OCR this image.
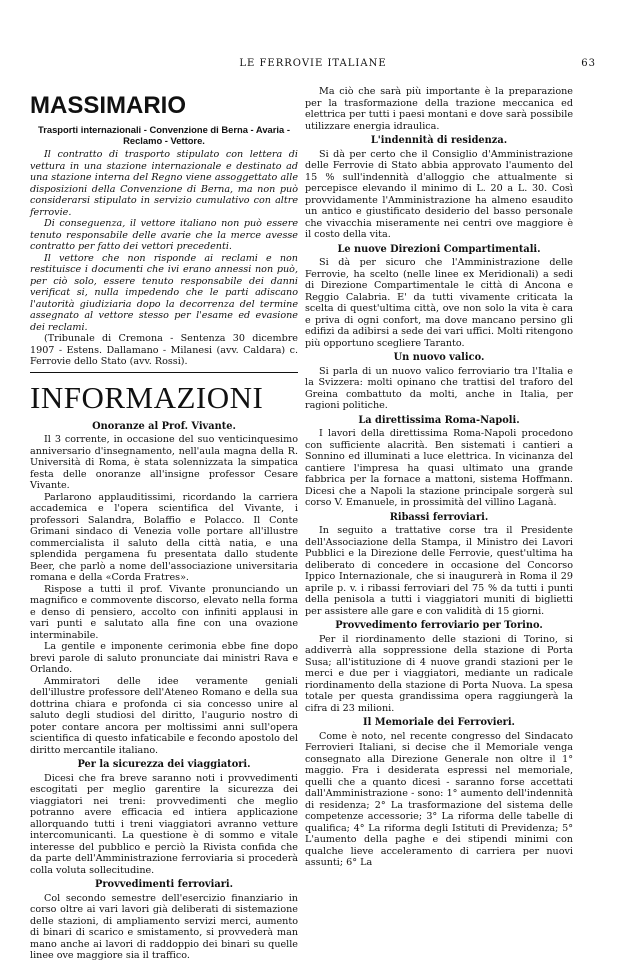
LE FERROVIE ITALIANE	63
MASSIMARIO
Trasporti internazionali - Convenzione di Berna - Avaria - Reclamo - Vettore.

Il contratto di trasporto stipulato con lettera di vettura in una stazione internazionale e destinato ad una stazione interna del Regno viene assoggettato alle disposizioni della Convenzione di Berna, ma non può considerarsi stipulato in servizio cumulativo con altre ferrovie.

Di conseguenza, il vettore italiano non può essere tenuto responsabile delle avarie che la merce avesse contratto per fatto dei vettori precedenti.

Il vettore che non risponde ai reclami e non restituisce i documenti che ivi erano annessi non può, per ciò solo, essere tenuto responsabile dei danni verificat si, nulla impedendo che le parti adiscano l'autorità giudiziaria dopo la decorrenza del termine assegnato al vettore stesso per l'esame ed evasione dei reclami.

(Tribunale di Cremona - Sentenza 30 dicembre 1907 - Estens. Dallamano - Milanesi (avv. Caldara) c. Ferrovie dello Stato (avv. Rossi).

INFORMAZIONI
Onoranze al Prof. Vivante.

Il 3 corrente, in occasione del suo venticinquesimo anniversario d'insegnamento, nell'aula magna della R. Università di Roma, è stata solennizzata la simpatica festa delle onoranze all'insigne professor Cesare Vivante.

Parlarono applauditissimi, ricordando la carriera accademica e l'opera scientifica del Vivante, i professori Salandra, Bolaffio e Polacco. Il Conte Grimani sindaco di Venezia volle portare all'illustre commercialista il saluto della città natia, e una splendida pergamena fu presentata dallo studente Beer, che parlò a nome dell'associazione universitaria romana e della «Corda Fratres».

Rispose a tutti il prof. Vivante pronunciando un magnifico e commovente discorso, elevato nella forma e denso di pensiero, accolto con infiniti applausi in vari punti e salutato alla fine con una ovazione interminabile.

La gentile e imponente cerimonia ebbe fine dopo brevi parole di saluto pronunciate dai ministri Rava e Orlando.

Ammiratori delle idee veramente geniali dell'illustre professore dell'Ateneo Romano e della sua dottrina chiara e profonda ci sia concesso unire al saluto degli studiosi del diritto, l'augurio nostro di poter contare ancora per moltissimi anni sull'opera scientifica di questo infaticabile e fecondo apostolo del diritto mercantile italiano.

Per la sicurezza dei viaggiatori.

Dicesi che fra breve saranno noti i provvedimenti escogitati per meglio garentire la sicurezza dei viaggiatori nei treni: provvedimenti che meglio potranno avere efficacia ed intiera applicazione allorquando tutti i treni viaggiatori avranno vetture intercomunicanti. La questione è di sommo e vitale interesse del pubblico e perciò la Rivista confida che da parte dell'Amministrazione ferroviaria si procederà colla voluta sollecitudine.

Provvedimenti ferroviari.

Col secondo semestre dell'esercizio finanziario in corso oltre ai vari lavori già deliberati di sistemazione delle stazioni, di ampliamento servizi merci, aumento di binari di scarico e smistamento, si provvederà man mano anche ai lavori di raddoppio dei binari su quelle linee ove maggiore sia il traffico.

Ma ciò che sarà più importante è la preparazione per la trasformazione della trazione meccanica ed elettrica per tutti i paesi montani e dove sarà possibile utilizzare energia idraulica.

L'indennità di residenza.

Si dà per certo che il Consiglio d'Amministrazione delle Ferrovie di Stato abbia approvato l'aumento del 15 % sull'indennità d'alloggio che attualmente si percepisce elevando il minimo di L. 20 a L. 30. Così provvidamente l'Amministrazione ha almeno esaudito un antico e giustificato desiderio del basso personale che vivacchia miseramente nei centri ove maggiore è il costo della vita.

Le nuove Direzioni Compartimentali.

Si dà per sicuro che l'Amministrazione delle Ferrovie, ha scelto (nelle linee ex Meridionali) a sedi di Direzione Compartimentale le città di Ancona e Reggio Calabria. E' da tutti vivamente criticata la scelta di quest'ultima città, ove non solo la vita è cara e priva di ogni confort, ma dove mancano persino gli edifizi da adibirsi a sede dei vari uffici. Molti ritengono più opportuno scegliere Taranto.

Un nuovo valico.

Si parla di un nuovo valico ferroviario tra l'Italia e la Svizzera: molti opinano che trattisi del traforo del Greina combattuto da molti, anche in Italia, per ragioni politiche.

La direttissima Roma-Napoli.

I lavori della direttissima Roma-Napoli procedono con sufficiente alacrità. Ben sistemati i cantieri a Sonnino ed illuminati a luce elettrica. In vicinanza del cantiere l'impresa ha quasi ultimato una grande fabbrica per la fornace a mattoni, sistema Hoffmann. Dicesi che a Napoli la stazione principale sorgerà sul corso V. Emanuele, in prossimità del villino Laganà.

Ribassi ferroviari.

In seguito a trattative corse tra il Presidente dell'Associazione della Stampa, il Ministro dei Lavori Pubblici e la Direzione delle Ferrovie, quest'ultima ha deliberato di concedere in occasione del Concorso Ippico Internazionale, che si inaugurerà in Roma il 29 aprile p. v. i ribassi ferroviari del 75 % da tutti i punti della penisola a tutti i viaggiatori muniti di biglietti per assistere alle gare e con validità di 15 giorni.

Provvedimento ferroviario per Torino.

Per il riordinamento delle stazioni di Torino, si addiverrà alla soppressione della stazione di Porta Susa; all'istituzione di 4 nuove grandi stazioni per le merci e due per i viaggiatori, mediante un radicale riordinamento della stazione di Porta Nuova. La spesa totale per questa grandissima opera raggiungerà la cifra di 23 milioni.

Il Memoriale dei Ferrovieri.

Come è noto, nel recente congresso del Sindacato Ferrovieri Italiani, si decise che il Memoriale venga consegnato alla Direzione Generale non oltre il 1° maggio. Fra i desiderata espressi nel memoriale, quelli che a quanto dicesi - saranno forse accettati dall'Amministrazione - sono: 1° aumento dell'indennità di residenza; 2° La trasformazione del sistema delle competenze accessorie; 3° La riforma delle tabelle di qualifica; 4° La riforma degli Istituti di Previdenza; 5° L'aumento della paghe e dei stipendi minimi con qualche lieve acceleramento di carriera per nuovi assunti; 6° La
